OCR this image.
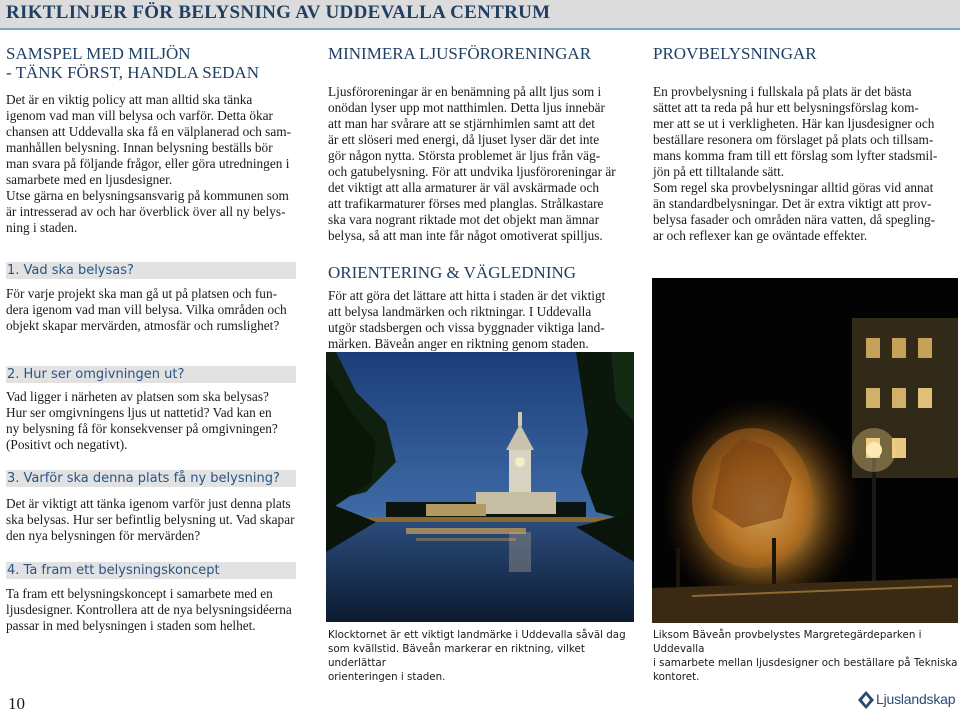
RIKTLINJER FÖR BELYSNING AV UDDEVALLA CENTRUM
SAMSPEL MED MILJÖN
- TÄNK FÖRST, HANDLA SEDAN
Det är en viktig policy att man alltid ska tänka
igenom vad man vill belysa och varför. Detta ökar
chansen att Uddevalla ska få en välplanerad och sam-
manhållen belysning. Innan belysning beställs bör
man svara på följande frågor, eller göra utredningen i
samarbete med en ljusdesigner.
Utse gärna en belysningsansvarig på kommunen som
är intresserad av och har överblick över all ny belys-
ning i staden.
1. Vad ska belysas?
För varje projekt ska man gå ut på platsen och fun-
dera igenom vad man vill belysa. Vilka områden och
objekt skapar mervärden, atmosfär och rumslighet?
2. Hur ser omgivningen ut?
Vad ligger i närheten av platsen som ska belysas?
Hur ser omgivningens ljus ut nattetid? Vad kan en
ny belysning få för konsekvenser på omgivningen?
(Positivt och negativt).
3. Varför ska denna plats få ny belysning?
Det är viktigt att tänka igenom varför just denna plats
ska belysas. Hur ser befintlig belysning ut. Vad skapar
den nya belysningen för mervärden?
4. Ta fram ett belysningskoncept
Ta fram ett belysningskoncept i samarbete med en
ljusdesigner. Kontrollera att de nya belysningsidéerna
passar in med belysningen i staden som helhet.
MINIMERA LJUSFÖRORENINGAR
Ljusföroreningar är en benämning på allt ljus som i
onödan lyser upp mot natthimlen. Detta ljus innebär
att man har svårare att se stjärnhimlen samt att det
är ett slöseri med energi, då ljuset lyser där det inte
gör någon nytta. Största problemet är ljus från väg-
och gatubelysning. För att undvika ljusföroreningar är
det viktigt att alla armaturer är väl avskärmade och
att trafikarmaturer förses med planglas. Strålkastare
ska vara nogrant riktade mot det objekt man ämnar
belysa, så att man inte får något omotiverat spilljus.
ORIENTERING & VÄGLEDNING
För att göra det lättare att hitta i staden är det viktigt
att belysa landmärken och riktningar. I Uddevalla
utgör stadsbergen och vissa byggnader viktiga land-
märken. Bäveån anger en riktning genom staden.
Klocktornet är ett viktigt landmärke i Uddevalla såväl dag
som kvällstid. Bäveån markerar en riktning, vilket underlättar
orienteringen i staden.
PROVBELYSNINGAR
En provbelysning i fullskala på plats är det bästa
sättet att ta reda på hur ett belysningsförslag kom-
mer att se ut i verkligheten. Här kan ljusdesigner och
beställare resonera om förslaget på plats och tillsam-
mans komma fram till ett förslag som lyfter stadsmil-
jön på ett tilltalande sätt.
Som regel ska provbelysningar alltid göras vid annat
än standardbelysningar. Det är extra viktigt att prov-
belysa fasader och områden nära vatten, då spegling-
ar och reflexer kan ge oväntade effekter.
Liksom Bäveån provbelystes Margretegärdeparken i Uddevalla
i samarbete mellan ljusdesigner och beställare på Tekniska
kontoret.
10	Ljuslandskap
